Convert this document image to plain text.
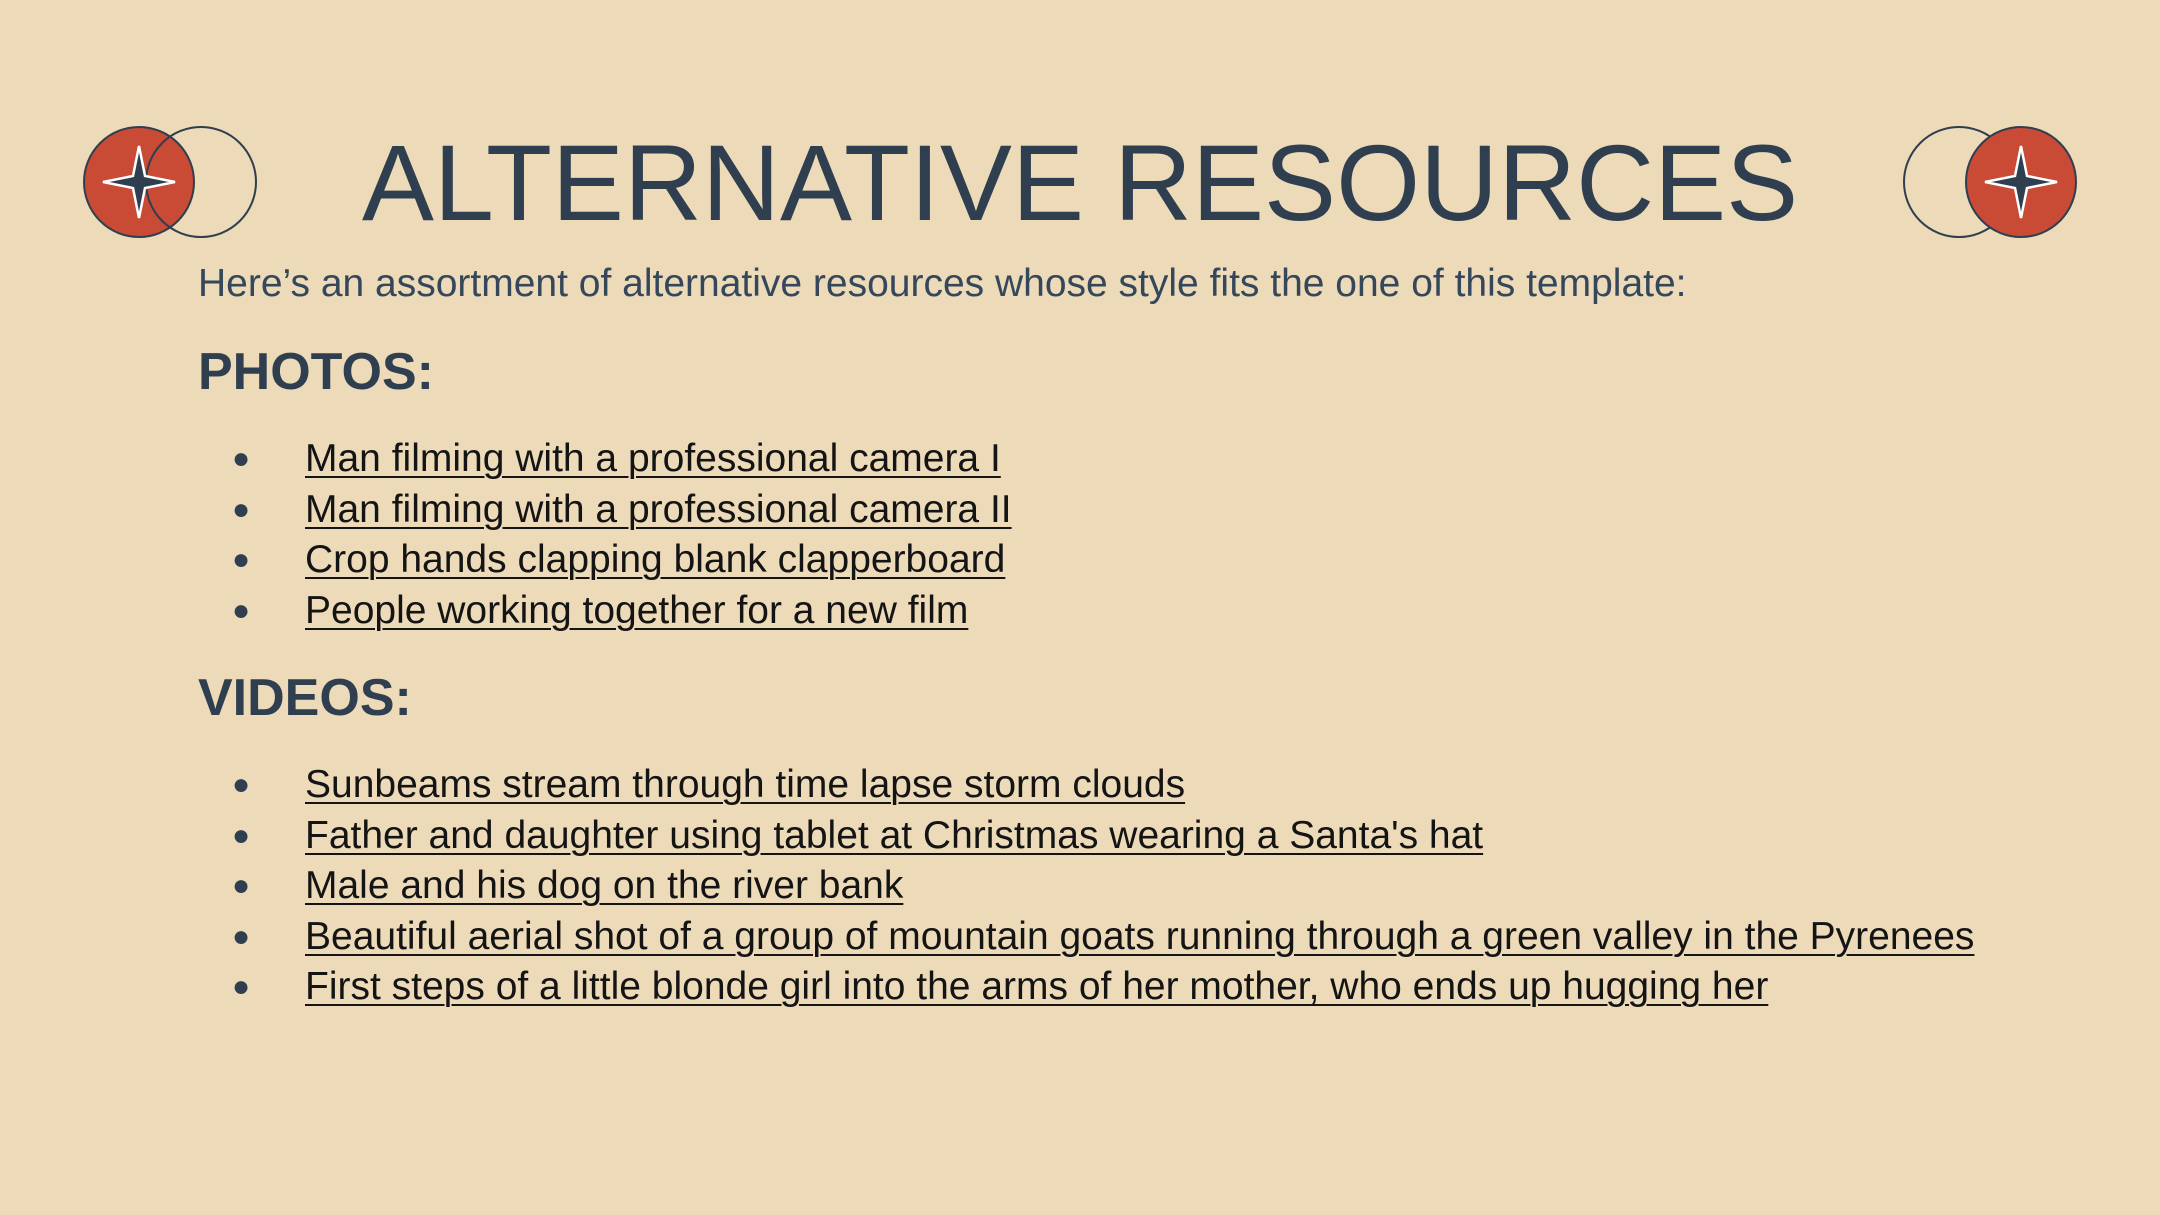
ALTERNATIVE RESOURCES

Here’s an assortment of alternative resources whose style fits the one of this template:

PHOTOS:
● Man filming with a professional camera I
● Man filming with a professional camera II
● Crop hands clapping blank clapperboard
● People working together for a new film
VIDEOS:
● Sunbeams stream through time lapse storm clouds
● Father and daughter using tablet at Christmas wearing a Santa's hat
● Male and his dog on the river bank
● Beautiful aerial shot of a group of mountain goats running through a green valley in the Pyrenees
● First steps of a little blonde girl into the arms of her mother, who ends up hugging her
